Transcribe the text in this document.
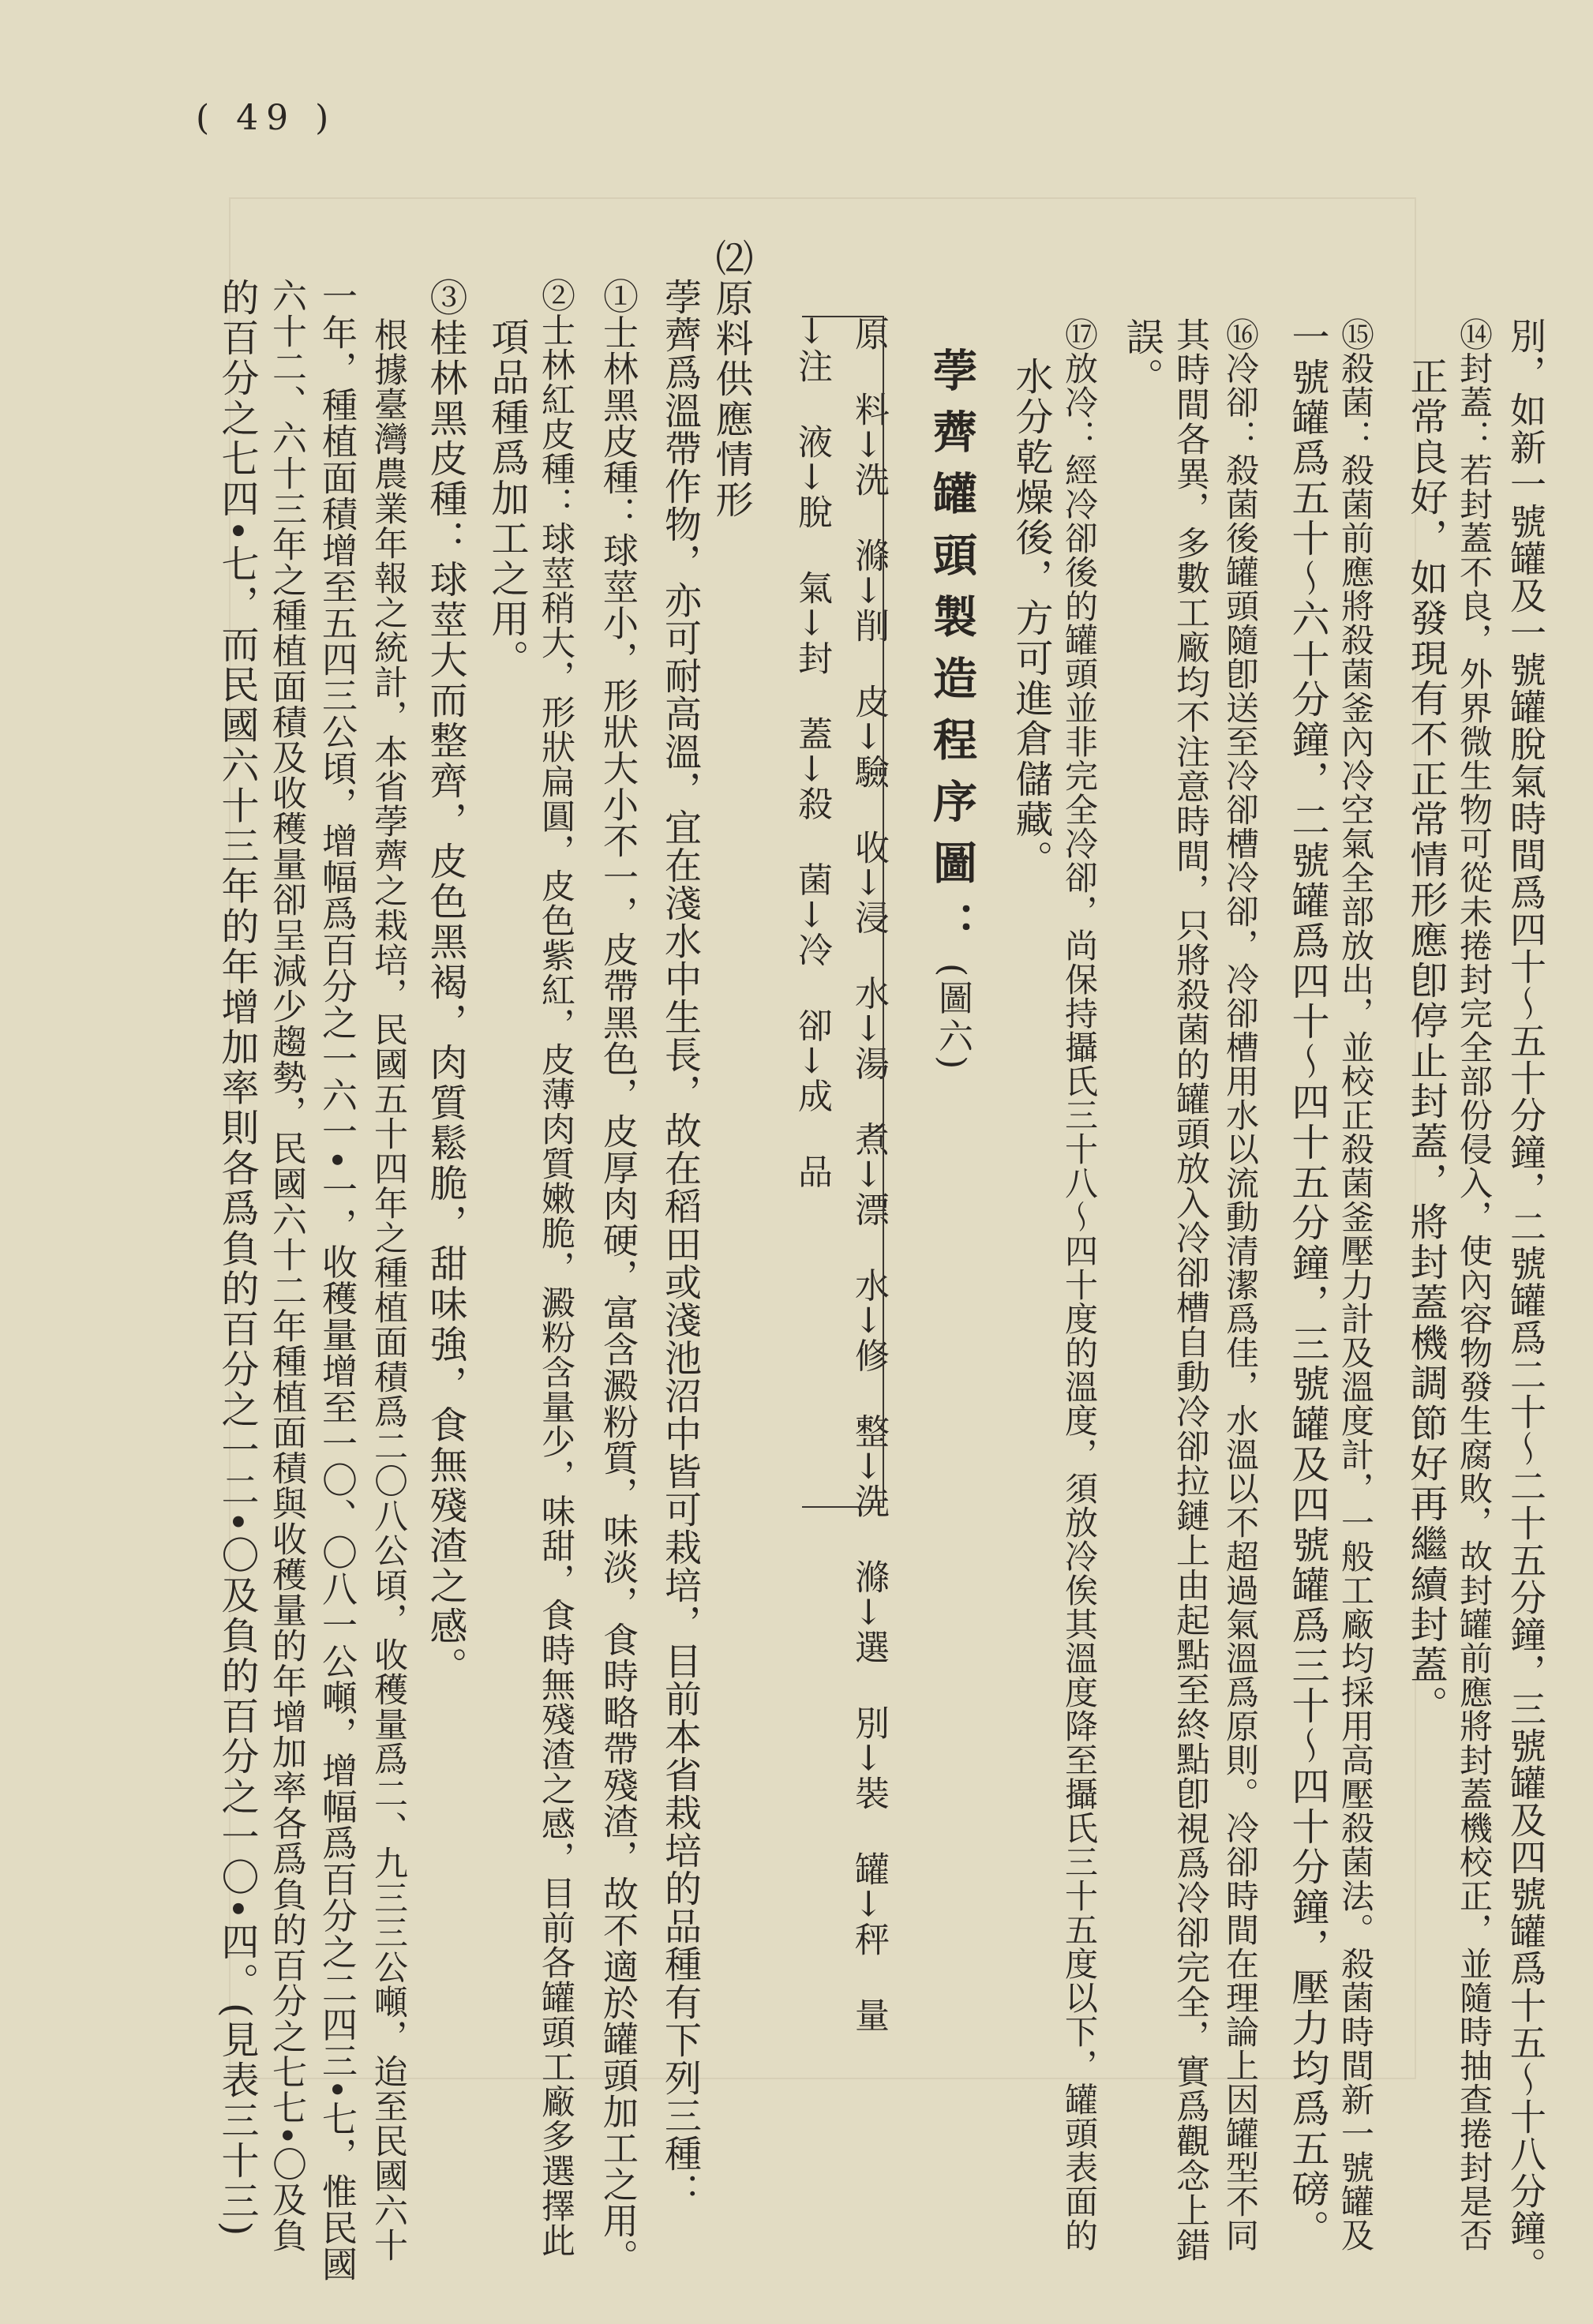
( 49 )
別，如新一號罐及一號罐脫氣時間爲四十～五十分鐘，二號罐爲二十～二十五分鐘，三號罐及四號罐爲十五～十八分鐘。
⑭封蓋：若封蓋不良，外界微生物可從未捲封完全部份侵入，使內容物發生腐敗，故封罐前應將封蓋機校正，並隨時抽查捲封是否
正常良好，如發現有不正常情形應卽停止封蓋，將封蓋機調節好再繼續封蓋。
⑮殺菌：殺菌前應將殺菌釜內冷空氣全部放出，並校正殺菌釜壓力計及溫度計，一般工廠均採用高壓殺菌法。殺菌時間新一號罐及
一號罐爲五十～六十分鐘，二號罐爲四十～四十五分鐘，三號罐及四號罐爲三十～四十分鐘，壓力均爲五磅。
⑯冷卻：殺菌後罐頭隨卽送至冷卻槽冷卻，冷卻槽用水以流動清潔爲佳，水溫以不超過氣溫爲原則。冷卻時間在理論上因罐型不同
其時間各異，多數工廠均不注意時間，只將殺菌的罐頭放入冷卻槽自動冷卻拉鏈上由起點至終點卽視爲冷卻完全，實爲觀念上錯
誤。
⑰放冷：經冷卻後的罐頭並非完全冷卻，尚保持攝氏三十八～四十度的溫度，須放冷俟其溫度降至攝氏三十五度以下，罐頭表面的
水分乾燥後，方可進倉儲藏。
荸薺罐頭製造程序圖：(圖六)
原　料→洗　滌→削　皮→驗　收→浸　水→湯　煮→漂　水→修　整→洗　滌→選　別→裝　罐→秤　量
→注　液→脫　氣→封　蓋→殺　菌→冷　卻→成　品
⑵原料供應情形
荸薺爲溫帶作物，亦可耐高溫，宜在淺水中生長，故在稻田或淺池沼中皆可栽培，目前本省栽培的品種有下列三種：
①士林黑皮種：球莖小，形狀大小不一，皮帶黑色，皮厚肉硬，富含澱粉質，味淡，食時略帶殘渣，故不適於罐頭加工之用。
②士林紅皮種：球莖稍大，形狀扁圓，皮色紫紅，皮薄肉質嫩脆，澱粉含量少，味甜，食時無殘渣之感，目前各罐頭工廠多選擇此
項品種爲加工之用。
③桂林黑皮種：球莖大而整齊，皮色黑褐，肉質鬆脆，甜味強，食無殘渣之感。
根據臺灣農業年報之統計，本省荸薺之栽培，民國五十四年之種植面積爲二〇八公頃，收穫量爲二、九三三公噸，迨至民國六十
一年，種植面積增至五四三公頃，增幅爲百分之一六一•一，收穫量增至一〇、〇八一公噸，增幅爲百分之二四三•七，惟民國
六十二、六十三年之種植面積及收穫量卻呈減少趨勢，民國六十二年種植面積與收穫量的年增加率各爲負的百分之七七•〇及負
的百分之七四•七，而民國六十三年的年增加率則各爲負的百分之一二•〇及負的百分之一〇•四。(見表三十三)
